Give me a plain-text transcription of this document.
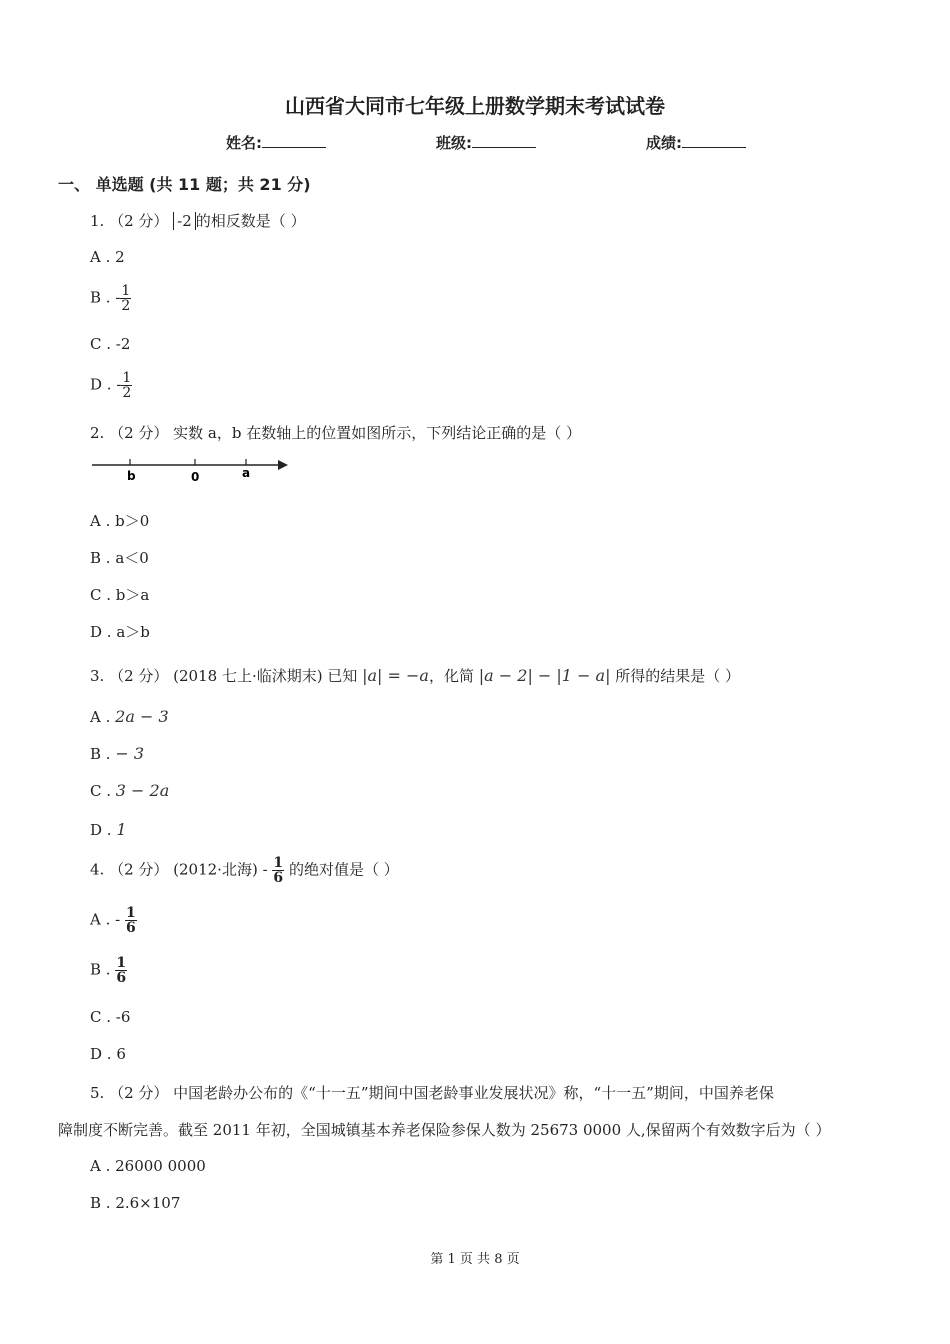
山西省大同市七年级上册数学期末考试试卷
姓名:	班级:	成绩:
一、 单选题 (共 11 题；共 21 分)
1. （2 分） -2 的相反数是（ ）
A . 2
B . - $\frac{1}{2}$
C . -2
D . - $\frac{1}{2}$
2. （2 分） 实数 a，b 在数轴上的位置如图所示，下列结论正确的是（ ）
b	0	a
A . b＞0
B . a＜0
C . b＞a
D . a＞b
3. （2 分） (2018 七上·临沭期末) 已知 |a| = −a，化简 |a − 2| − |1 − a| 所得的结果是（ ）
A . 2a − 3
B . − 3
C . 3 − 2a
D . 1
4. （2 分） (2012·北海) - $\frac{1}{6}$ 的绝对值是（ ）
A . - $\frac{1}{6}$
B . $\frac{1}{6}$
C . -6
D . 6
5. （2 分） 中国老龄办公布的《“十一五”期间中国老龄事业发展状况》称，“十一五”期间，中国养老保
障制度不断完善。截至 2011 年初，全国城镇基本养老保险参保人数为 25673 0000 人,保留两个有效数字后为（ ）
A . 26000 0000
B . 2.6×107
第 1 页 共 8 页
